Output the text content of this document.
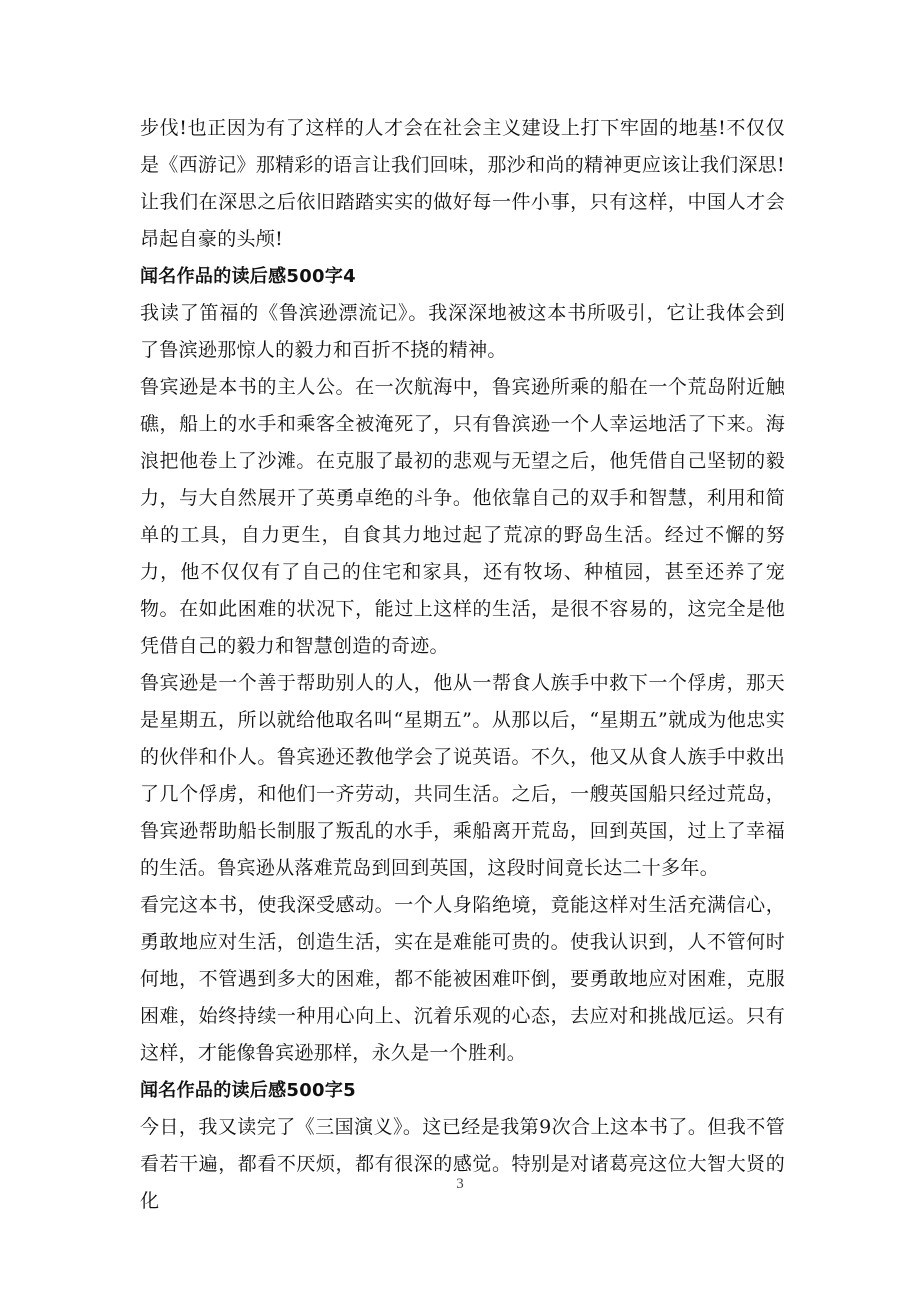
步伐!也正因为有了这样的人才会在社会主义建设上打下牢固的地基!不仅仅是《西游记》那精彩的语言让我们回味，那沙和尚的精神更应该让我们深思!让我们在深思之后依旧踏踏实实的做好每一件小事，只有这样，中国人才会昂起自豪的头颅!

闻名作品的读后感500字4

我读了笛福的《鲁滨逊漂流记》。我深深地被这本书所吸引，它让我体会到了鲁滨逊那惊人的毅力和百折不挠的精神。

鲁宾逊是本书的主人公。在一次航海中，鲁宾逊所乘的船在一个荒岛附近触礁，船上的水手和乘客全被淹死了，只有鲁滨逊一个人幸运地活了下来。海浪把他卷上了沙滩。在克服了最初的悲观与无望之后，他凭借自己坚韧的毅力，与大自然展开了英勇卓绝的斗争。他依靠自己的双手和智慧，利用和简单的工具，自力更生，自食其力地过起了荒凉的野岛生活。经过不懈的努力，他不仅仅有了自己的住宅和家具，还有牧场、种植园，甚至还养了宠物。在如此困难的状况下，能过上这样的生活，是很不容易的，这完全是他凭借自己的毅力和智慧创造的奇迹。

鲁宾逊是一个善于帮助别人的人，他从一帮食人族手中救下一个俘虏，那天是星期五，所以就给他取名叫“星期五”。从那以后，“星期五”就成为他忠实的伙伴和仆人。鲁宾逊还教他学会了说英语。不久，他又从食人族手中救出了几个俘虏，和他们一齐劳动，共同生活。之后，一艘英国船只经过荒岛，鲁宾逊帮助船长制服了叛乱的水手，乘船离开荒岛，回到英国，过上了幸福的生活。鲁宾逊从落难荒岛到回到英国，这段时间竟长达二十多年。

看完这本书，使我深受感动。一个人身陷绝境，竟能这样对生活充满信心，勇敢地应对生活，创造生活，实在是难能可贵的。使我认识到，人不管何时何地，不管遇到多大的困难，都不能被困难吓倒，要勇敢地应对困难，克服困难，始终持续一种用心向上、沉着乐观的心态，去应对和挑战厄运。只有这样，才能像鲁宾逊那样，永久是一个胜利。

闻名作品的读后感500字5

今日，我又读完了《三国演义》。这已经是我第9次合上这本书了。但我不管看若干遍，都看不厌烦，都有很深的感觉。特别是对诸葛亮这位大智大贤的化

3
